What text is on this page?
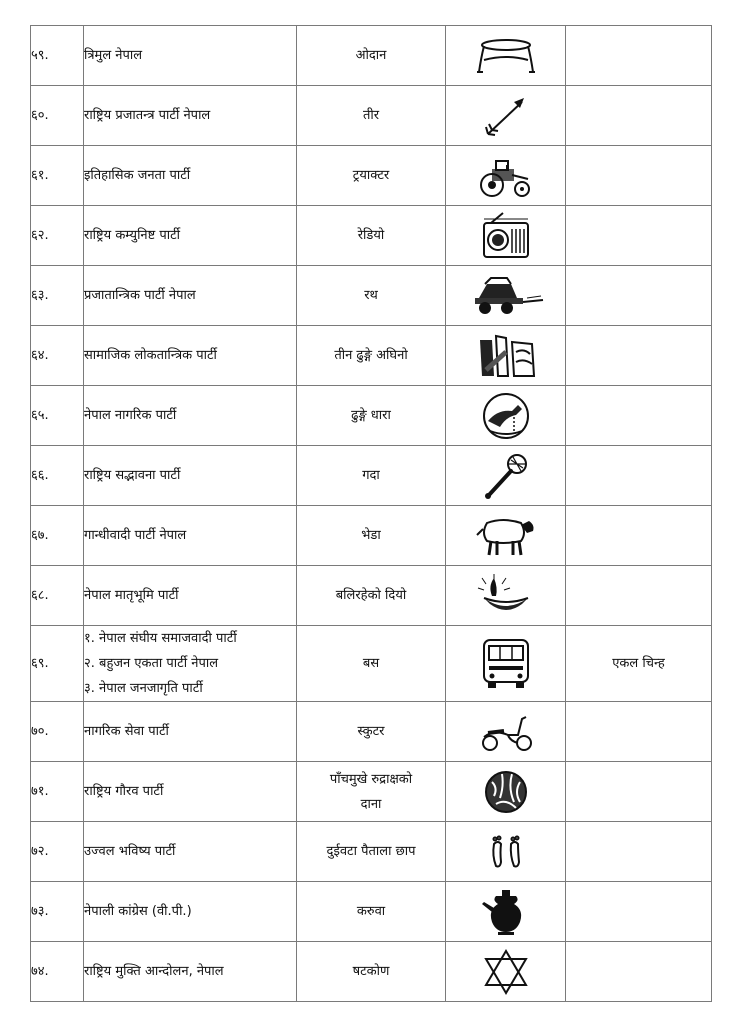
५९.	त्रिमुल नेपाल	ओदान

६०.	राष्ट्रिय प्रजातन्त्र पार्टी नेपाल	तीर

६१.	इतिहासिक जनता पार्टी	ट्रयाक्टर

६२.	राष्ट्रिय कम्युनिष्ट पार्टी	रेडियो

६३.	प्रजातान्त्रिक पार्टी नेपाल	रथ

६४.	सामाजिक लोकतान्त्रिक पार्टी	तीन ढुङ्गे अघिनो

६५.	नेपाल नागरिक पार्टी	ढुङ्गे धारा

६६.	राष्ट्रिय सद्भावना पार्टी	गदा

६७.	गान्धीवादी पार्टी नेपाल	भेडा

६८.	नेपाल मातृभूमि पार्टी	बलिरहेको दियो

६९.	१. नेपाल संघीय समाजवादी पार्टी
२. बहुजन एकता पार्टी नेपाल
३. नेपाल जनजागृति पार्टी	बस		एकल चिन्ह
७०.	नागरिक सेवा पार्टी	स्कुटर

७१.	राष्ट्रिय गौरव पार्टी	पाँचमुखे रुद्राक्षको
दाना

७२.	उज्वल भविष्य पार्टी	दुईवटा पैताला छाप

७३.	नेपाली कांग्रेस (वी.पी.)	करुवा

७४.	राष्ट्रिय मुक्ति आन्दोलन, नेपाल	षटकोण
